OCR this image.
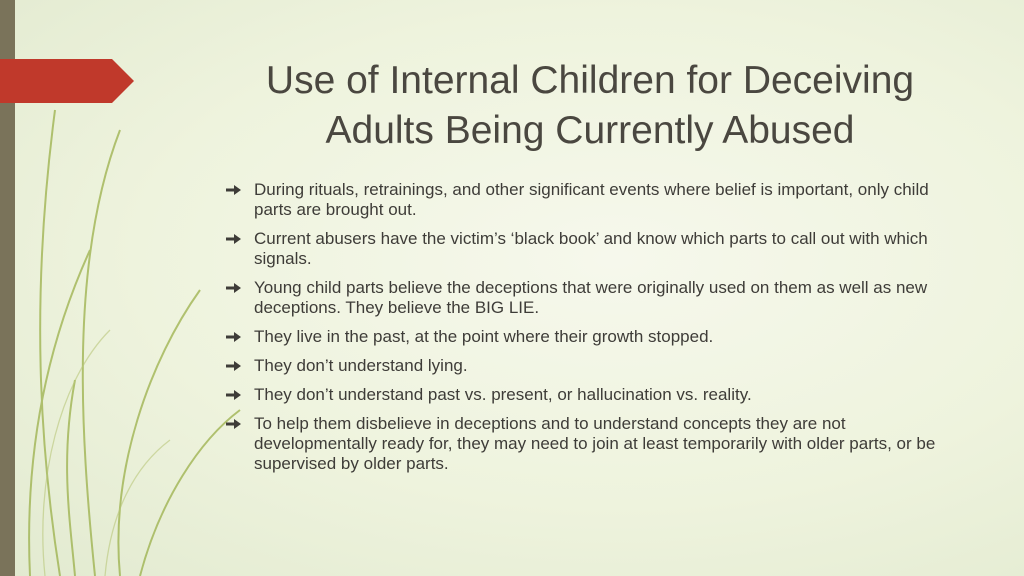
Use of Internal Children for Deceiving
Adults Being Currently Abused
During rituals, retrainings, and other significant events where belief is important, only child parts are brought out.
Current abusers have the victim’s ‘black book’ and know which parts to call out with which signals.
Young child parts believe the deceptions that were originally used on them as well as new deceptions. They believe the BIG LIE.
They live in the past, at the point where their growth stopped.
They don’t understand lying.
They don’t understand past vs. present, or hallucination vs. reality.
To help them disbelieve in deceptions and to understand concepts they are not developmentally ready for, they may need to join at least temporarily with older parts, or be supervised by older parts.
